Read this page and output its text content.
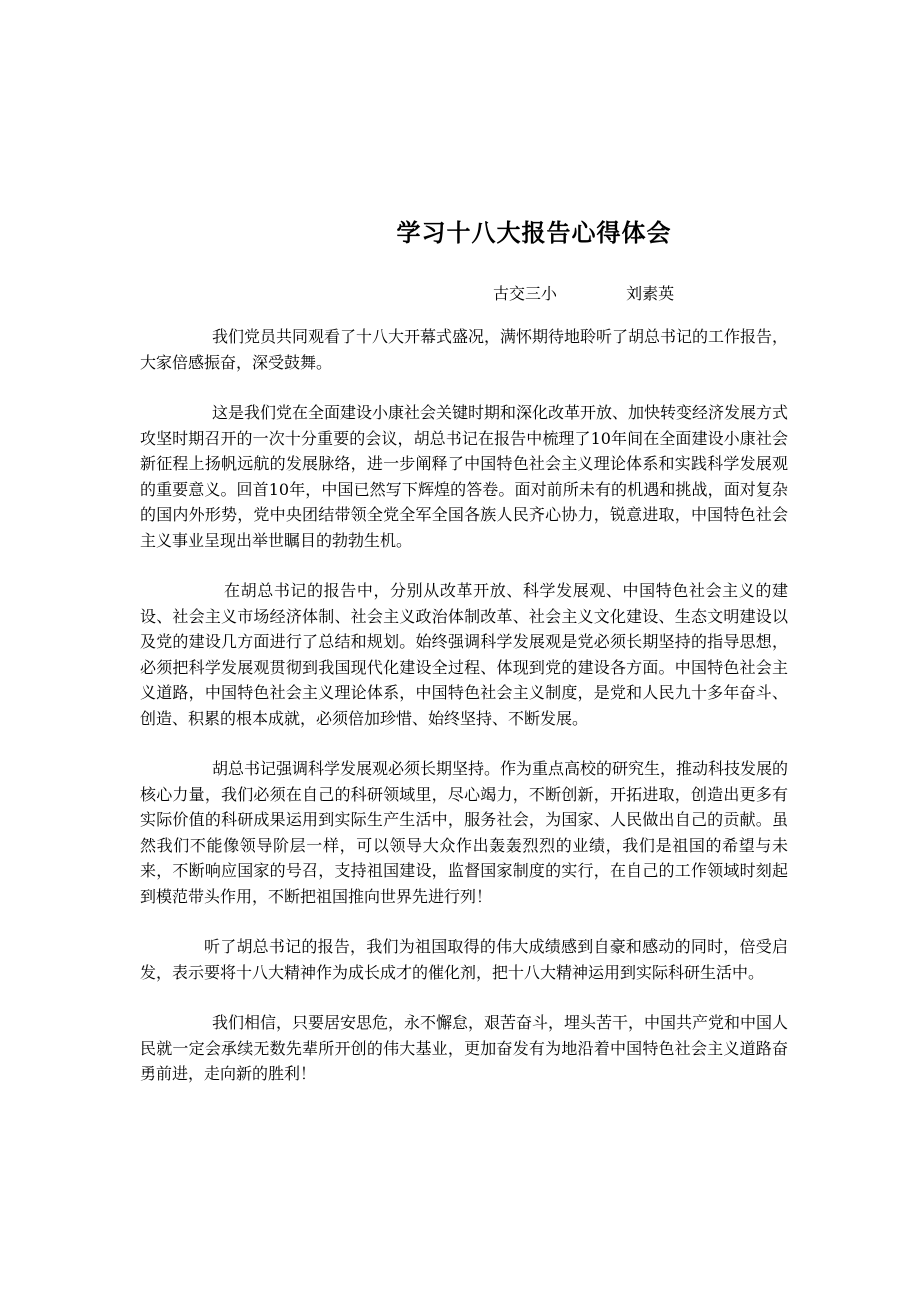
学习十八大报告心得体会
古交三小	刘素英

我们党员共同观看了十八大开幕式盛况，满怀期待地聆听了胡总书记的工作报告，大家倍感振奋，深受鼓舞。

这是我们党在全面建设小康社会关键时期和深化改革开放、加快转变经济发展方式攻坚时期召开的一次十分重要的会议，胡总书记在报告中梳理了10年间在全面建设小康社会新征程上扬帆远航的发展脉络，进一步阐释了中国特色社会主义理论体系和实践科学发展观的重要意义。回首10年，中国已然写下辉煌的答卷。面对前所未有的机遇和挑战，面对复杂的国内外形势，党中央团结带领全党全军全国各族人民齐心协力，锐意进取，中国特色社会主义事业呈现出举世瞩目的勃勃生机。

在胡总书记的报告中，分别从改革开放、科学发展观、中国特色社会主义的建设、社会主义市场经济体制、社会主义政治体制改革、社会主义文化建设、生态文明建设以及党的建设几方面进行了总结和规划。始终强调科学发展观是党必须长期坚持的指导思想，必须把科学发展观贯彻到我国现代化建设全过程、体现到党的建设各方面。中国特色社会主义道路，中国特色社会主义理论体系，中国特色社会主义制度，是党和人民九十多年奋斗、创造、积累的根本成就，必须倍加珍惜、始终坚持、不断发展。

胡总书记强调科学发展观必须长期坚持。作为重点高校的研究生，推动科技发展的核心力量，我们必须在自己的科研领域里，尽心竭力，不断创新，开拓进取，创造出更多有实际价值的科研成果运用到实际生产生活中，服务社会，为国家、人民做出自己的贡献。虽然我们不能像领导阶层一样，可以领导大众作出轰轰烈烈的业绩，我们是祖国的希望与未来，不断响应国家的号召，支持祖国建设，监督国家制度的实行，在自己的工作领域时刻起到模范带头作用，不断把祖国推向世界先进行列！

听了胡总书记的报告，我们为祖国取得的伟大成绩感到自豪和感动的同时，倍受启发，表示要将十八大精神作为成长成才的催化剂，把十八大精神运用到实际科研生活中。

我们相信，只要居安思危，永不懈怠，艰苦奋斗，埋头苦干，中国共产党和中国人民就一定会承续无数先辈所开创的伟大基业，更加奋发有为地沿着中国特色社会主义道路奋勇前进，走向新的胜利！
